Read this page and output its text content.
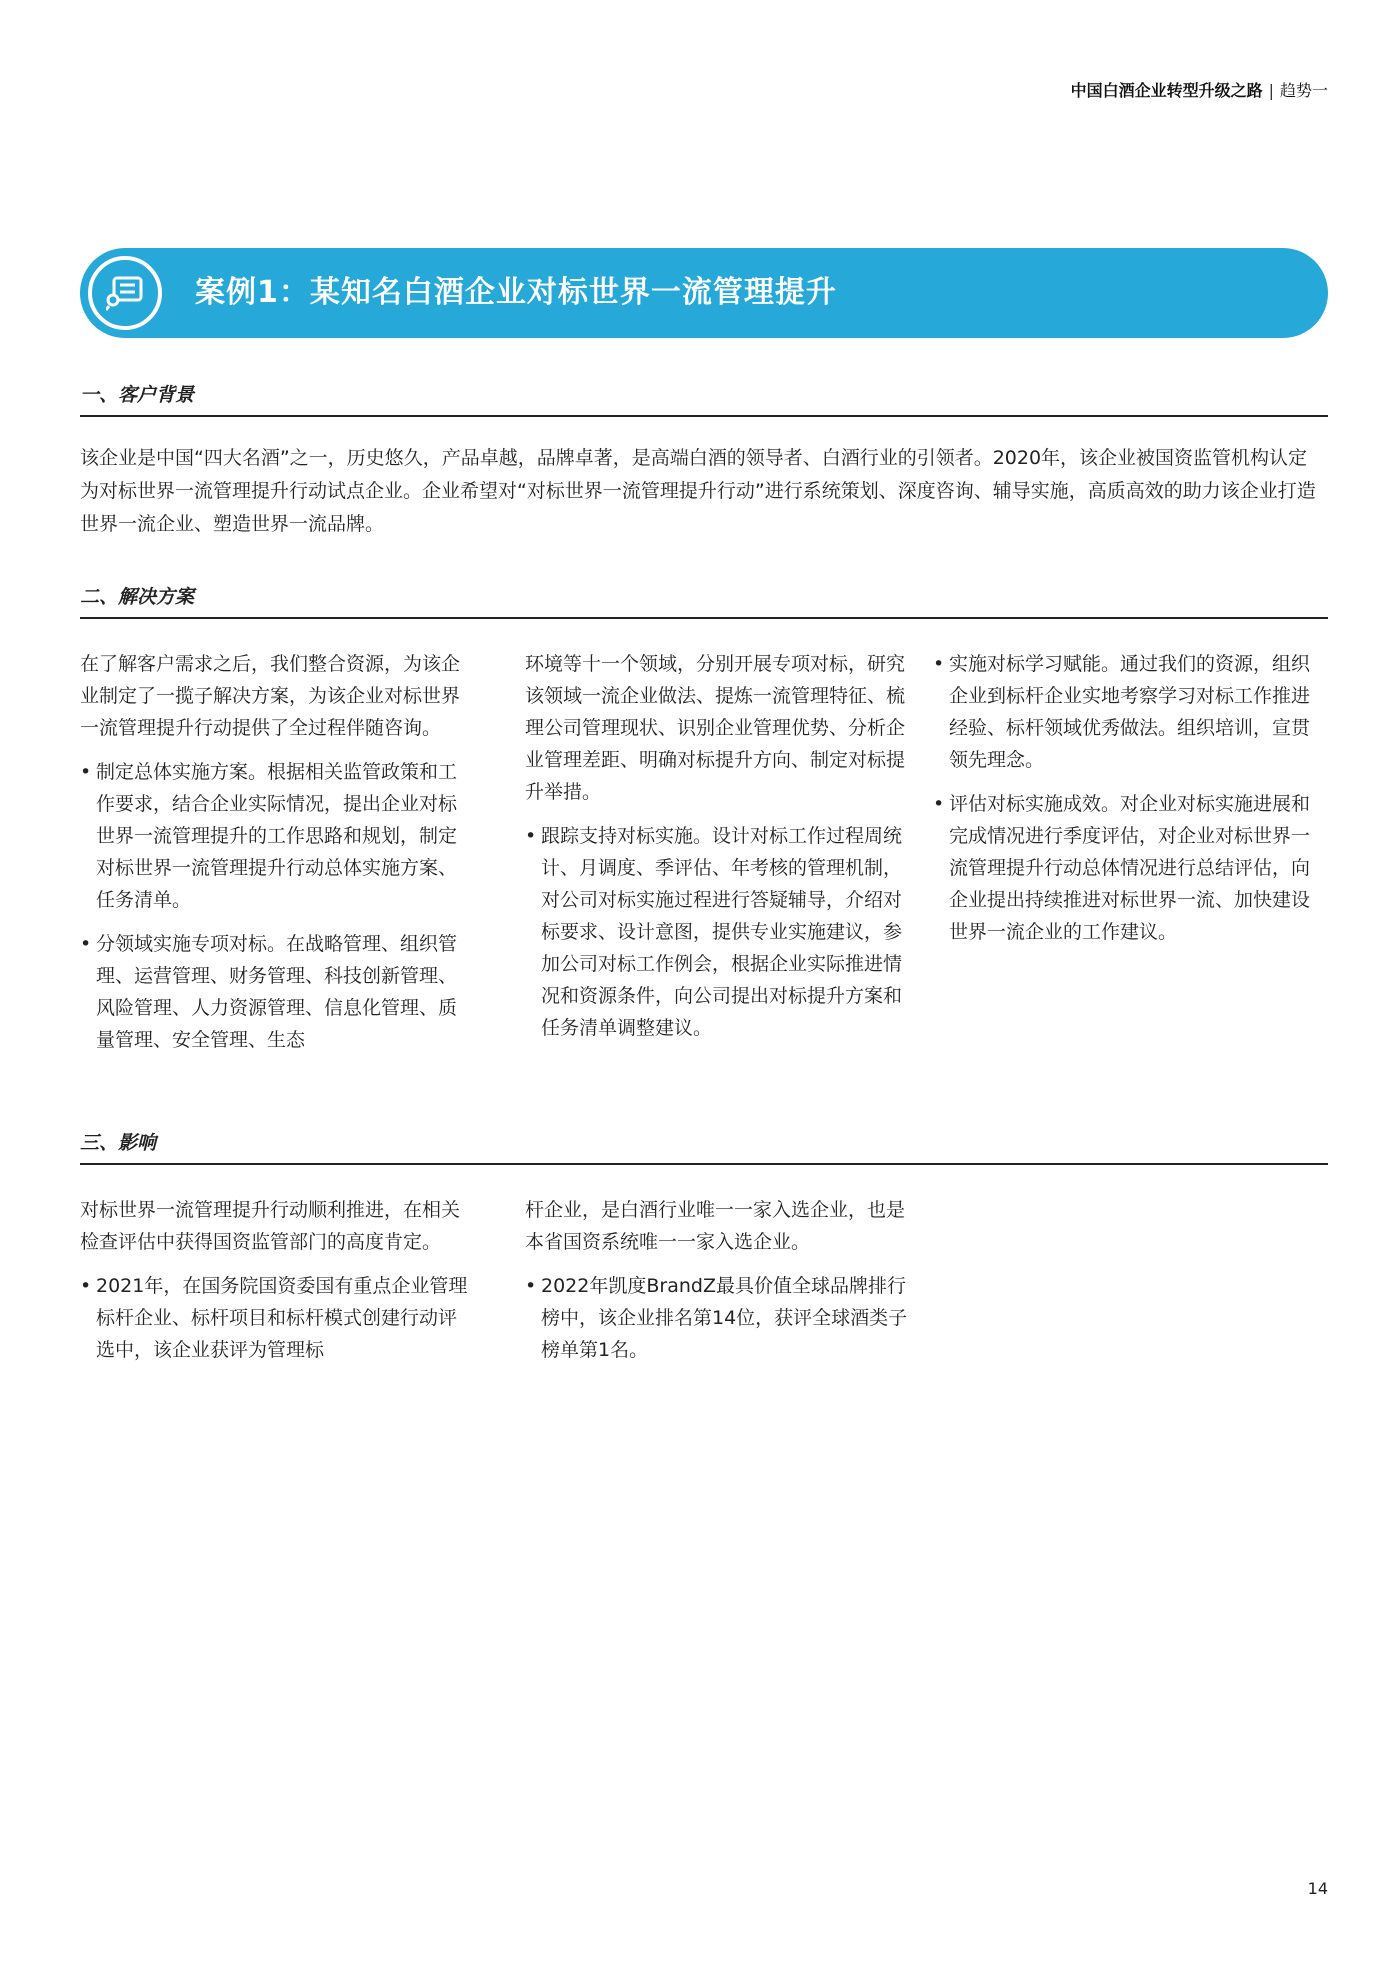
中国白酒企业转型升级之路 | 趋势一
案例1：某知名白酒企业对标世界一流管理提升
一、客户背景
该企业是中国“四大名酒”之一，历史悠久，产品卓越，品牌卓著，是高端白酒的领导者、白酒行业的引领者。2020年，该企业被国资监管机构认定为对标世界一流管理提升行动试点企业。企业希望对“对标世界一流管理提升行动”进行系统策划、深度咨询、辅导实施，高质高效的助力该企业打造世界一流企业、塑造世界一流品牌。
二、解决方案

在了解客户需求之后，我们整合资源，为该企业制定了一揽子解决方案，为该企业对标世界一流管理提升行动提供了全过程伴随咨询。

• 制定总体实施方案。根据相关监管政策和工作要求，结合企业实际情况，提出企业对标世界一流管理提升的工作思路和规划，制定对标世界一流管理提升行动总体实施方案、任务清单。
• 分领域实施专项对标。在战略管理、组织管理、运营管理、财务管理、科技创新管理、风险管理、人力资源管理、信息化管理、质量管理、安全管理、生态
环境等十一个领域，分别开展专项对标，研究该领域一流企业做法、提炼一流管理特征、梳理公司管理现状、识别企业管理优势、分析企业管理差距、明确对标提升方向、制定对标提升举措。
• 跟踪支持对标实施。设计对标工作过程周统计、月调度、季评估、年考核的管理机制，对公司对标实施过程进行答疑辅导，介绍对标要求、设计意图，提供专业实施建议，参加公司对标工作例会，根据企业实际推进情况和资源条件，向公司提出对标提升方案和任务清单调整建议。
• 实施对标学习赋能。通过我们的资源，组织企业到标杆企业实地考察学习对标工作推进经验、标杆领域优秀做法。组织培训，宣贯领先理念。
• 评估对标实施成效。对企业对标实施进展和完成情况进行季度评估，对企业对标世界一流管理提升行动总体情况进行总结评估，向企业提出持续推进对标世界一流、加快建设世界一流企业的工作建议。
三、影响

对标世界一流管理提升行动顺利推进，在相关检查评估中获得国资监管部门的高度肯定。

• 2021年，在国务院国资委国有重点企业管理标杆企业、标杆项目和标杆模式创建行动评选中，该企业获评为管理标
杆企业，是白酒行业唯一一家入选企业，也是本省国资系统唯一一家入选企业。
• 2022年凯度BrandZ最具价值全球品牌排行榜中，该企业排名第14位，获评全球酒类子榜单第1名。
14
